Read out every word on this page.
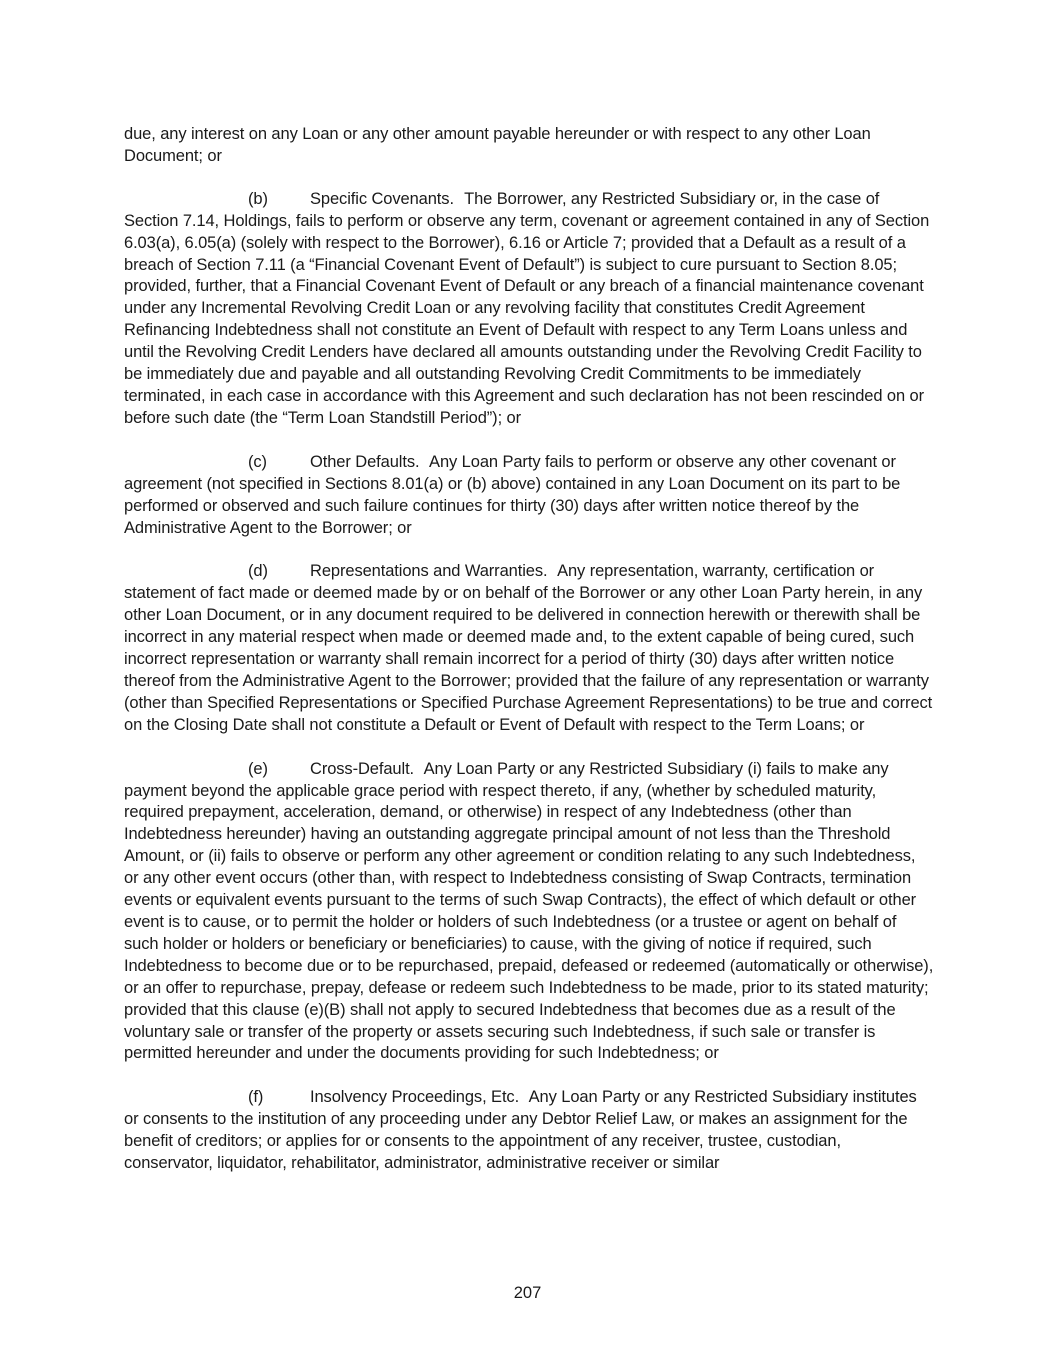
due, any interest on any Loan or any other amount payable hereunder or with respect to any other Loan Document; or

(b)	Specific Covenants. The Borrower, any Restricted Subsidiary or, in the case of Section 7.14, Holdings, fails to perform or observe any term, covenant or agreement contained in any of Section 6.03(a), 6.05(a) (solely with respect to the Borrower), 6.16 or Article 7; provided that a Default as a result of a breach of Section 7.11 (a “Financial Covenant Event of Default”) is subject to cure pursuant to Section 8.05; provided, further, that a Financial Covenant Event of Default or any breach of a financial maintenance covenant under any Incremental Revolving Credit Loan or any revolving facility that constitutes Credit Agreement Refinancing Indebtedness shall not constitute an Event of Default with respect to any Term Loans unless and until the Revolving Credit Lenders have declared all amounts outstanding under the Revolving Credit Facility to be immediately due and payable and all outstanding Revolving Credit Commitments to be immediately terminated, in each case in accordance with this Agreement and such declaration has not been rescinded on or before such date (the “Term Loan Standstill Period”); or

(c)	Other Defaults. Any Loan Party fails to perform or observe any other covenant or agreement (not specified in Sections 8.01(a) or (b) above) contained in any Loan Document on its part to be performed or observed and such failure continues for thirty (30) days after written notice thereof by the Administrative Agent to the Borrower; or

(d)	Representations and Warranties. Any representation, warranty, certification or statement of fact made or deemed made by or on behalf of the Borrower or any other Loan Party herein, in any other Loan Document, or in any document required to be delivered in connection herewith or therewith shall be incorrect in any material respect when made or deemed made and, to the extent capable of being cured, such incorrect representation or warranty shall remain incorrect for a period of thirty (30) days after written notice thereof from the Administrative Agent to the Borrower; provided that the failure of any representation or warranty (other than Specified Representations or Specified Purchase Agreement Representations) to be true and correct on the Closing Date shall not constitute a Default or Event of Default with respect to the Term Loans; or

(e)	Cross-Default. Any Loan Party or any Restricted Subsidiary (i) fails to make any payment beyond the applicable grace period with respect thereto, if any, (whether by scheduled maturity, required prepayment, acceleration, demand, or otherwise) in respect of any Indebtedness (other than Indebtedness hereunder) having an outstanding aggregate principal amount of not less than the Threshold Amount, or (ii) fails to observe or perform any other agreement or condition relating to any such Indebtedness, or any other event occurs (other than, with respect to Indebtedness consisting of Swap Contracts, termination events or equivalent events pursuant to the terms of such Swap Contracts), the effect of which default or other event is to cause, or to permit the holder or holders of such Indebtedness (or a trustee or agent on behalf of such holder or holders or beneficiary or beneficiaries) to cause, with the giving of notice if required, such Indebtedness to become due or to be repurchased, prepaid, defeased or redeemed (automatically or otherwise), or an offer to repurchase, prepay, defease or redeem such Indebtedness to be made, prior to its stated maturity; provided that this clause (e)(B) shall not apply to secured Indebtedness that becomes due as a result of the voluntary sale or transfer of the property or assets securing such Indebtedness, if such sale or transfer is permitted hereunder and under the documents providing for such Indebtedness; or

(f)	Insolvency Proceedings, Etc. Any Loan Party or any Restricted Subsidiary institutes or consents to the institution of any proceeding under any Debtor Relief Law, or makes an assignment for the benefit of creditors; or applies for or consents to the appointment of any receiver, trustee, custodian, conservator, liquidator, rehabilitator, administrator, administrative receiver or similar

207
